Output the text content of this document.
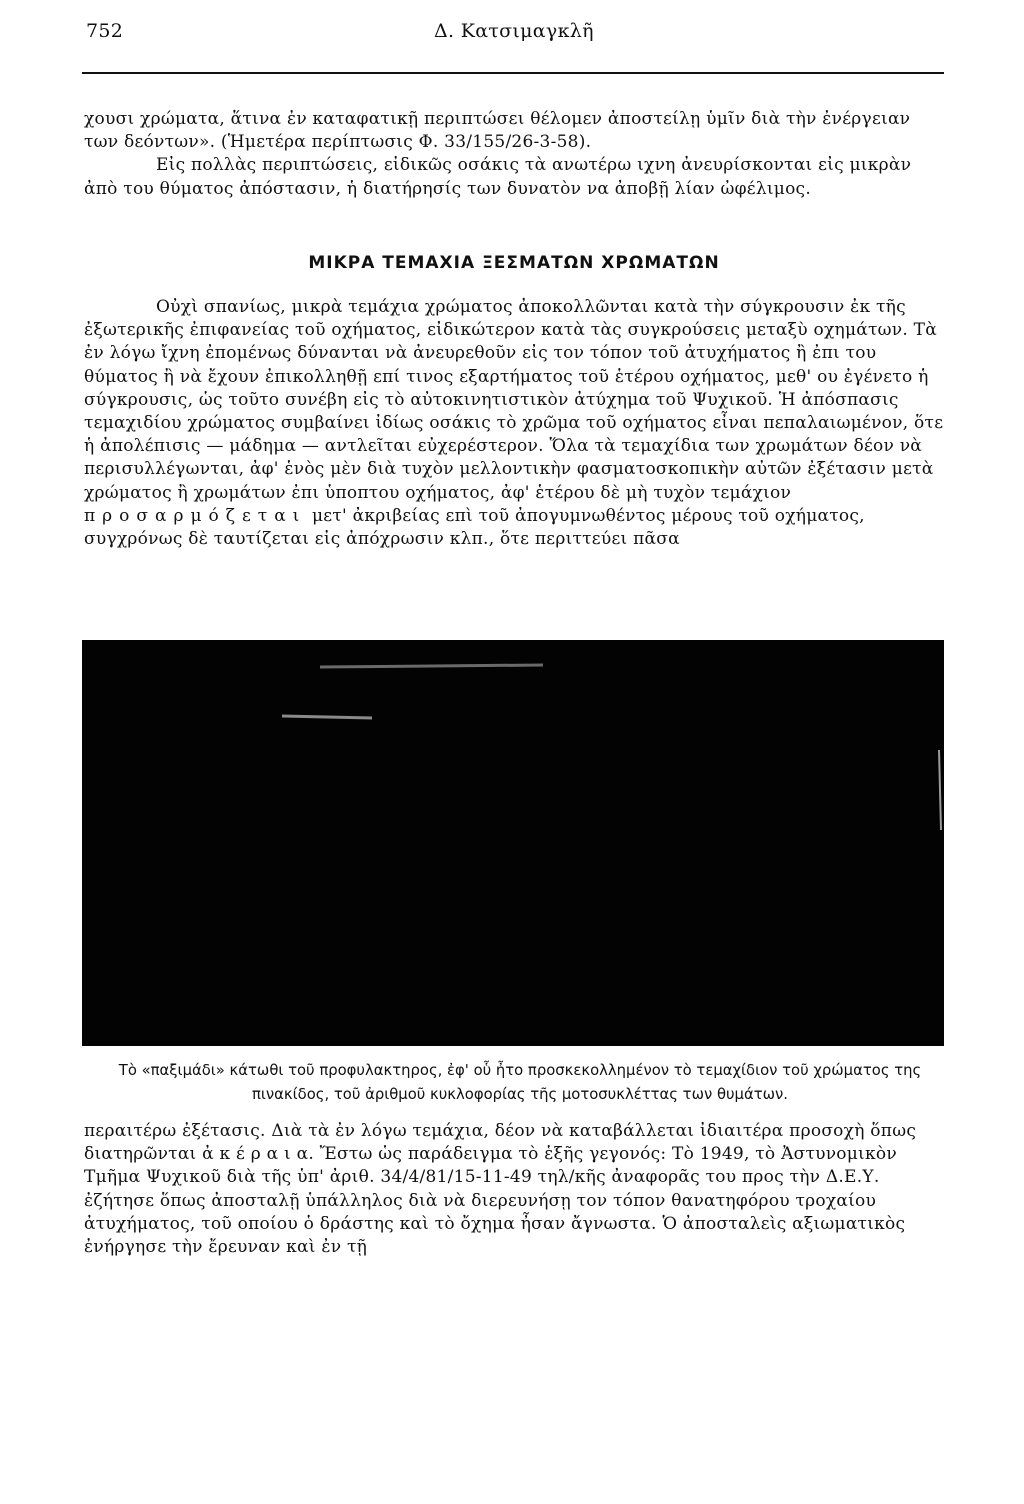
752	Δ. Κατσιμαγκλῆ

χουσι χρώματα, ἅτινα ἐν καταφατικῇ περιπτώσει θέλομεν ἀποστείλῃ ὑμῖν διὰ τὴν ἐνέργειαν των δεόντων». (Ἡμετέρα περίπτωσις Φ. 33/155/26-3-58).

Εἰς πολλὰς περιπτώσεις, εἰδικῶς οσάκις τὰ ανωτέρω ιχνη ἀνευρίσκονται εἰς μικρὰν ἀπὸ του θύματος ἀπόστασιν, ἡ διατήρησίς των δυνατὸν να ἀποβῇ λίαν ὠφέλιμος.

ΜΙΚΡΑ ΤΕΜΑΧΙΑ ΞΕΣΜΑΤΩΝ ΧΡΩΜΑΤΩΝ

Οὐχὶ σπανίως, μικρὰ τεμάχια χρώματος ἀποκολλῶνται κατὰ τὴν σύγκρουσιν ἐκ τῆς ἐξωτερικῆς ἐπιφανείας τοῦ οχήματος, εἰδικώτερον κατὰ τὰς συγκρούσεις μεταξὺ οχημάτων. Τὰ ἐν λόγω ἴχνη ἐπομένως δύνανται νὰ ἀνευρεθοῦν εἰς τον τόπον τοῦ ἀτυχήματος ἢ ἐπι του θύματος ἢ νὰ ἔχουν ἐπικολληθῇ επί τινος εξαρτήματος τοῦ ἑτέρου οχήματος, μεθ' ου ἐγένετο ἡ σύγκρουσις, ὡς τοῦτο συνέβη εἰς τὸ αὐτοκινητιστικὸν ἀτύχημα τοῦ Ψυχικοῦ. Ἡ ἀπόσπασις τεμαχιδίου χρώματος συμβαίνει ἰδίως οσάκις τὸ χρῶμα τοῦ οχήματος εἶναι πεπαλαιωμένον, ὅτε ἡ ἀπολέπισις — μάδημα — αντλεῖται εὐχερέστερον. Ὅλα τὰ τεμαχίδια των χρωμάτων δέον νὰ περισυλλέγωνται, ἀφ' ἑνὸς μὲν διὰ τυχὸν μελλοντικὴν φασματοσκοπικὴν αὐτῶν ἐξέτασιν μετὰ χρώματος ἢ χρωμάτων ἐπι ὑποπτου οχήματος, ἀφ' ἑτέρου δὲ μὴ τυχὸν τεμάχιον προσαρμόζεται μετ' ἀκριβείας επὶ τοῦ ἀπογυμνωθέντος μέρους τοῦ οχήματος, συγχρόνως δὲ ταυτίζεται εἰς ἀπόχρωσιν κλπ., ὅτε περιττεύει πᾶσα

Τὸ «παξιμάδι» κάτωθι τοῦ προφυλακτηρος, ἐφ' οὗ ἦτο προσκεκολλημένον τὸ τεμαχίδιον τοῦ χρώματος της πινακίδος, τοῦ ἀριθμοῦ κυκλοφορίας τῆς μοτοσυκλέττας των θυμάτων.

περαιτέρω ἐξέτασις. Διὰ τὰ ἐν λόγω τεμάχια, δέον νὰ καταβάλλεται ἰδιαιτέρα προσοχὴ ὅπως διατηρῶνται ἀ κ έ ρ α ι α. Ἔστω ὡς παράδειγμα τὸ ἑξῆς γεγονός: Τὸ 1949, τὸ Ἀστυνομικὸν Τμῆμα Ψυχικοῦ διὰ τῆς ὑπ' ἀριθ. 34/4/81/15-11-49 τηλ/κῆς ἀναφορᾶς του προς τὴν Δ.Ε.Υ. ἐζήτησε ὅπως ἀποσταλῇ ὑπάλληλος διὰ νὰ διερευνήσῃ τον τόπον θανατηφόρου τροχαίου ἀτυχήματος, τοῦ οποίου ὁ δράστης καὶ τὸ ὄχημα ἦσαν ἄγνωστα. Ὁ ἀποσταλεὶς αξιωματικὸς ἐνήργησε τὴν ἔρευναν καὶ ἐν τῇ
